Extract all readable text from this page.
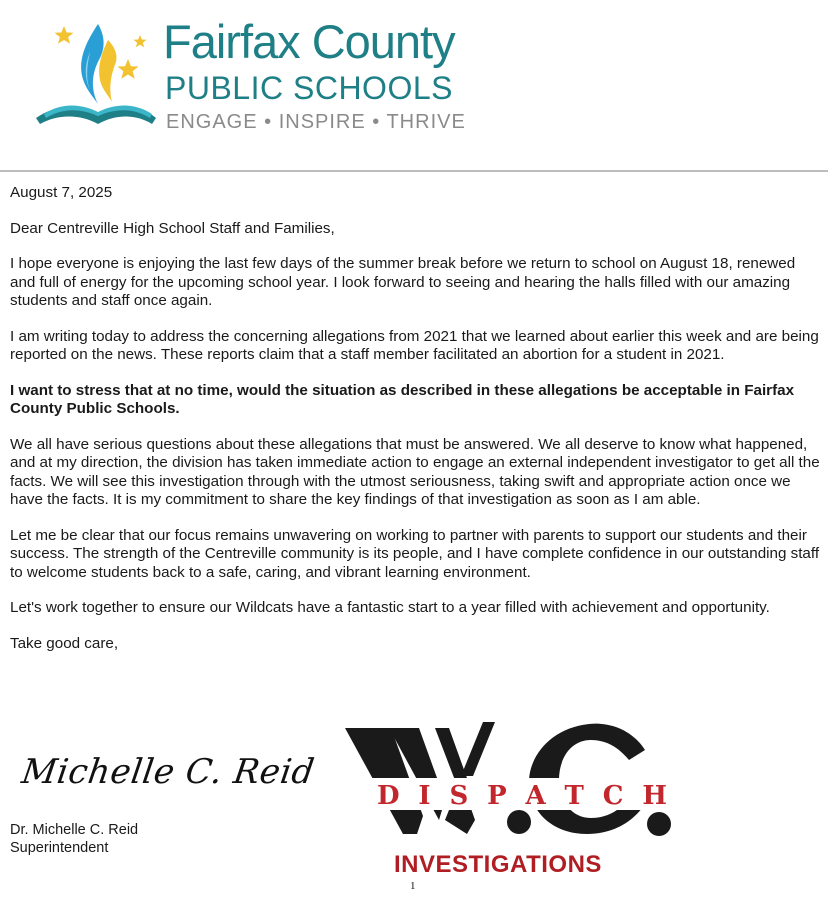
Fairfax County
PUBLIC SCHOOLS
ENGAGE • INSPIRE • THRIVE

August 7, 2025

Dear Centreville High School Staff and Families,

I hope everyone is enjoying the last few days of the summer break before we return to school on August 18, renewed and full of energy for the upcoming school year. I look forward to seeing and hearing the halls filled with our amazing students and staff once again.

I am writing today to address the concerning allegations from 2021 that we learned about earlier this week and are being reported on the news. These reports claim that a staff member facilitated an abortion for a student in 2021.

I want to stress that at no time, would the situation as described in these allegations be acceptable in Fairfax County Public Schools.

We all have serious questions about these allegations that must be answered. We all deserve to know what happened, and at my direction, the division has taken immediate action to engage an external independent investigator to get all the facts. We will see this investigation through with the utmost seriousness, taking swift and appropriate action once we have the facts. It is my commitment to share the key findings of that investigation as soon as I am able.

Let me be clear that our focus remains unwavering on working to partner with parents to support our students and their success. The strength of the Centreville community is its people, and I have complete confidence in our outstanding staff to welcome students back to a safe, caring, and vibrant learning environment.

Let's work together to ensure our Wildcats have a fantastic start to a year filled with achievement and opportunity.

Take good care,

Michelle C. Reid
Dr. Michelle C. Reid
Superintendent
D I S P A T C H
INVESTIGATIONS
1
